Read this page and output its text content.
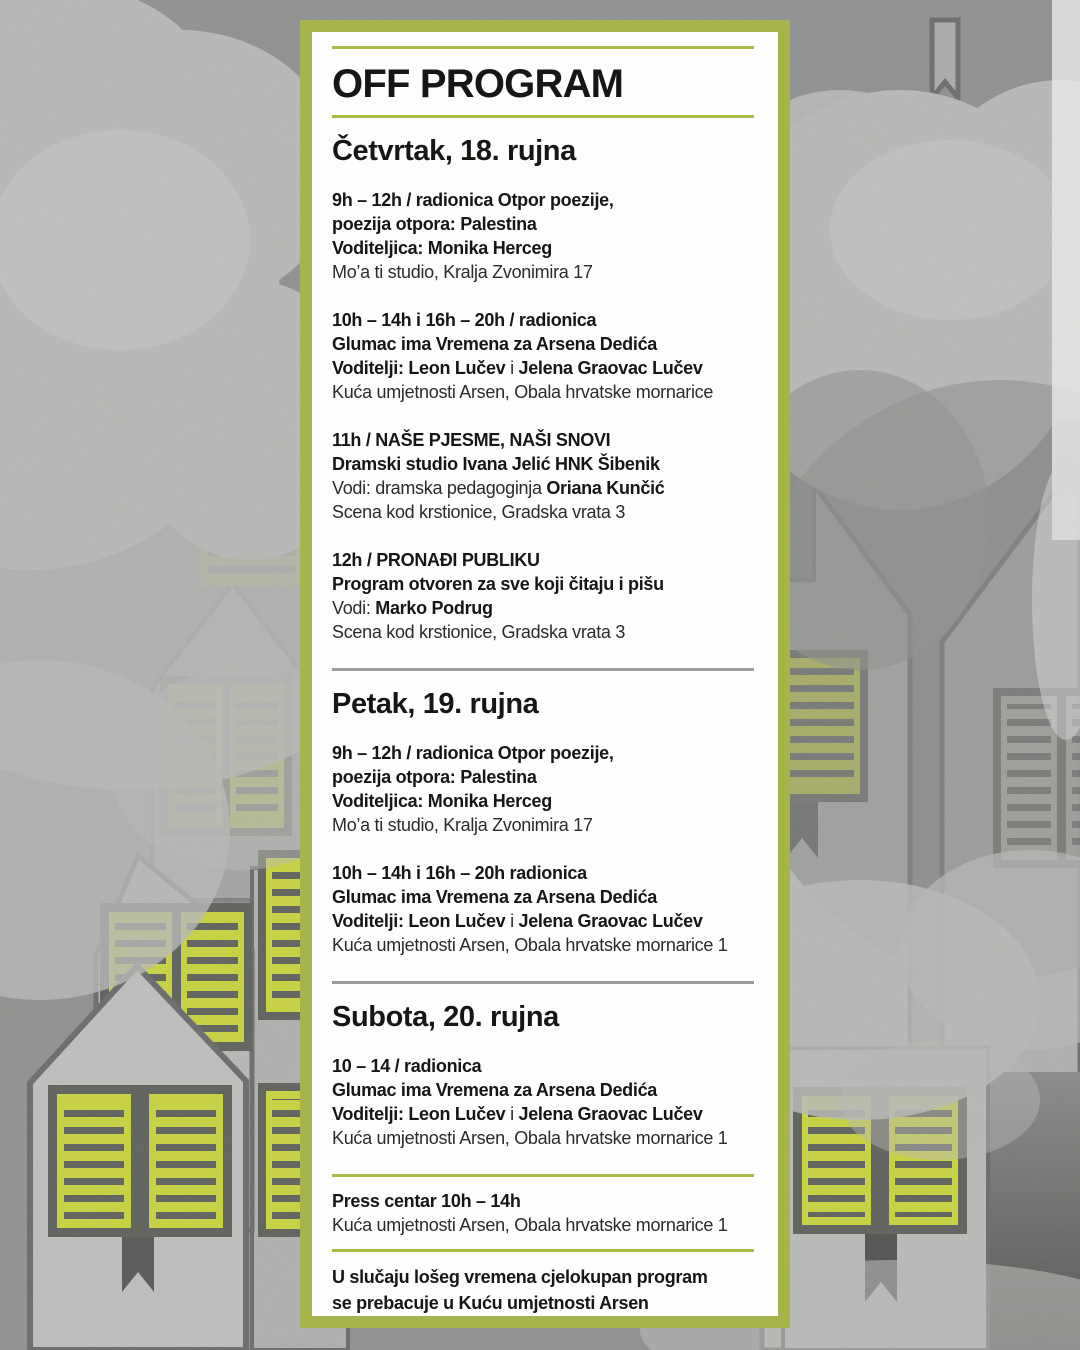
OFF PROGRAM
Četvrtak, 18. rujna

9h – 12h / radionica Otpor poezije,

poezija otpora: Palestina

Voditeljica: Monika Herceg

Mo’a ti studio, Kralja Zvonimira 17

10h – 14h i 16h – 20h / radionica

Glumac ima Vremena za Arsena Dedića

Voditelji: Leon Lučev i Jelena Graovac Lučev

Kuća umjetnosti Arsen, Obala hrvatske mornarice

11h / NAŠE PJESME, NAŠI SNOVI

Dramski studio Ivana Jelić HNK Šibenik

Vodi: dramska pedagoginja Oriana Kunčić

Scena kod krstionice, Gradska vrata 3

12h / PRONAĐI PUBLIKU

Program otvoren za sve koji čitaju i pišu

Vodi: Marko Podrug

Scena kod krstionice, Gradska vrata 3

Petak, 19. rujna

9h – 12h / radionica Otpor poezije,

poezija otpora: Palestina

Voditeljica: Monika Herceg

Mo’a ti studio, Kralja Zvonimira 17

10h – 14h i 16h – 20h radionica

Glumac ima Vremena za Arsena Dedića

Voditelji: Leon Lučev i Jelena Graovac Lučev

Kuća umjetnosti Arsen, Obala hrvatske mornarice 1

Subota, 20. rujna

10 – 14 / radionica

Glumac ima Vremena za Arsena Dedića

Voditelji: Leon Lučev i Jelena Graovac Lučev

Kuća umjetnosti Arsen, Obala hrvatske mornarice 1

Press centar 10h – 14h

Kuća umjetnosti Arsen, Obala hrvatske mornarice 1

U slučaju lošeg vremena cjelokupan program

se prebacuje u Kuću umjetnosti Arsen
